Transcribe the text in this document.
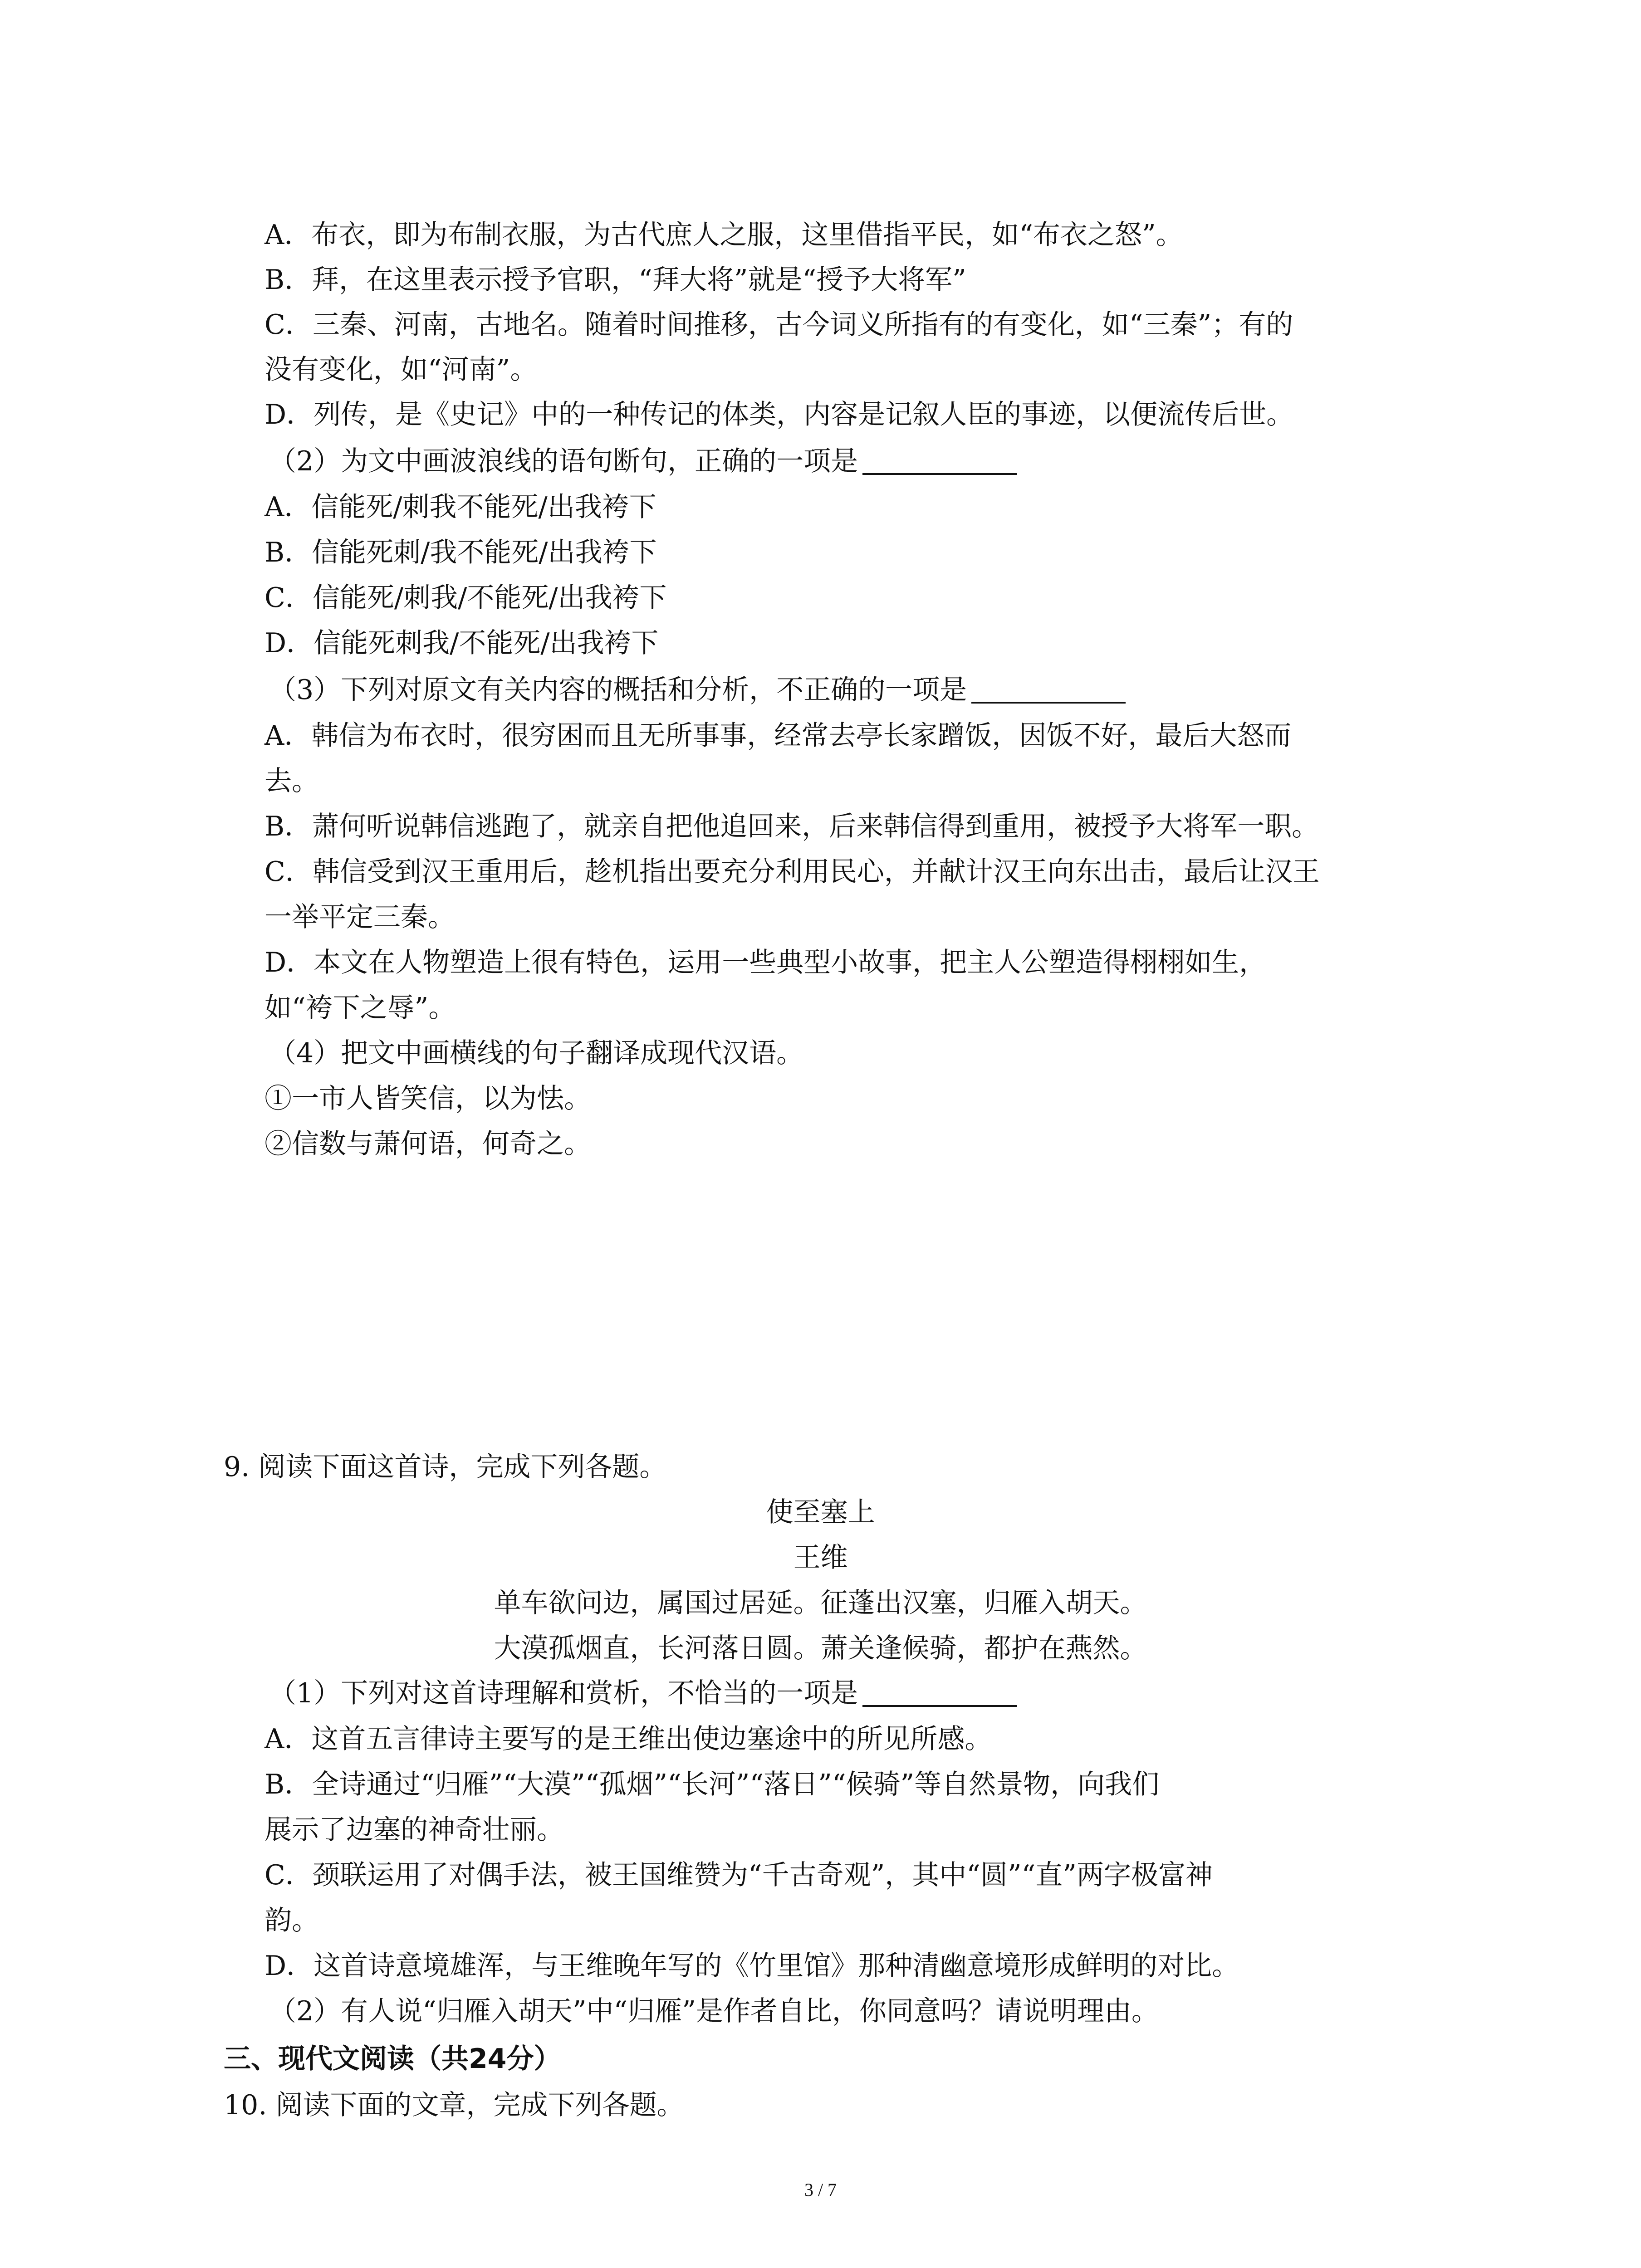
A．布衣，即为布制衣服，为古代庶人之服，这里借指平民，如“布衣之怒”。
B．拜，在这里表示授予官职，“拜大将”就是“授予大将军”
C．三秦、河南，古地名。随着时间推移，古今词义所指有的有变化，如“三秦”；有的
没有变化，如“河南”。
D．列传，是《史记》中的一种传记的体类，内容是记叙人臣的事迹，以便流传后世。
（2）为文中画波浪线的语句断句，正确的一项是
A．信能死/刺我不能死/出我袴下
B．信能死刺/我不能死/出我袴下
C．信能死/刺我/不能死/出我袴下
D．信能死刺我/不能死/出我袴下
（3）下列对原文有关内容的概括和分析，不正确的一项是
A．韩信为布衣时，很穷困而且无所事事，经常去亭长家蹭饭，因饭不好，最后大怒而
去。
B．萧何听说韩信逃跑了，就亲自把他追回来，后来韩信得到重用，被授予大将军一职。
C．韩信受到汉王重用后，趁机指出要充分利用民心，并献计汉王向东出击，最后让汉王
一举平定三秦。
D．本文在人物塑造上很有特色，运用一些典型小故事，把主人公塑造得栩栩如生，
如“袴下之辱”。
（4）把文中画横线的句子翻译成现代汉语。
①一市人皆笑信，以为怯。
②信数与萧何语，何奇之。
9. 阅读下面这首诗，完成下列各题。
使至塞上
王维
单车欲问边，属国过居延。征蓬出汉塞，归雁入胡天。
大漠孤烟直，长河落日圆。萧关逢候骑，都护在燕然。
（1）下列对这首诗理解和赏析，不恰当的一项是
A．这首五言律诗主要写的是王维出使边塞途中的所见所感。
B．全诗通过“归雁”“大漠”“孤烟”“长河”“落日”“候骑”等自然景物，向我们
展示了边塞的神奇壮丽。
C．颈联运用了对偶手法，被王国维赞为“千古奇观”，其中“圆”“直”两字极富神
韵。
D．这首诗意境雄浑，与王维晚年写的《竹里馆》那种清幽意境形成鲜明的对比。
（2）有人说“归雁入胡天”中“归雁”是作者自比，你同意吗？请说明理由。
三、现代文阅读（共24分）
10. 阅读下面的文章，完成下列各题。
3 / 7
